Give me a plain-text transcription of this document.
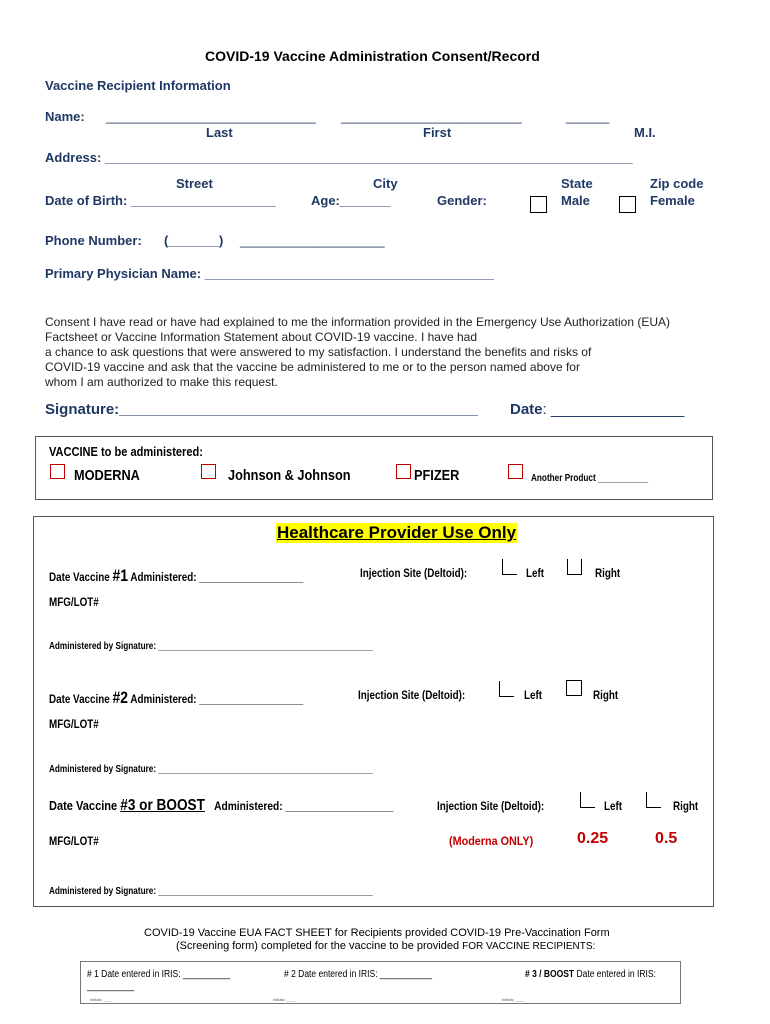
COVID-19 Vaccine Administration Consent/Record
Vaccine Recipient Information
Name: _____________________________ _________________________	______
Last	First	M.I.
Address: _________________________________________________________________________
Street	City	State	Zip code
Date of Birth: ____________________	Age:_______	Gender:	Male	Female
Phone Number: (_______) ____________________
Primary Physician Name: ________________________________________
Consent I have read or have had explained to me the information provided in the Emergency Use Authorization (EUA)
Factsheet or Vaccine Information Statement about COVID-19 vaccine. I have had
a chance to ask questions that were answered to my satisfaction. I understand the benefits and risks of
COVID-19 vaccine and ask that the vaccine be administered to me or to the person named above for
whom I am authorized to make this request.
Signature:___________________________________________ Date: ________________
VACCINE to be administered:
MODERNA	Johnson & Johnson	PFIZER	Another Product ___________
Healthcare Provider Use Only
Date Vaccine #1 Administered: ___________________	Injection Site (Deltoid):	Left	Right
MFG/LOT#
Administered by Signature: _______________________________________________
Date Vaccine #2 Administered: ___________________	Injection Site (Deltoid):	Left	Right
MFG/LOT#
Administered by Signature: _______________________________________________
Date Vaccine #3 or BOOST Administered: ___________________	Injection Site (Deltoid):	Left	Right
MFG/LOT#	(Moderna ONLY)	0.25	0.5
Administered by Signature: _______________________________________________
COVID-19 Vaccine EUA FACT SHEET for Recipients provided COVID-19 Pre-Vaccination Form
(Screening form) completed for the vaccine to be provided FOR VACCINE RECIPIENTS:
# 1 Date entered in IRIS: __________
__________
# 2 Date entered in IRIS: ___________	# 3 / BOOST Date entered in IRIS:
Initials: ____	Initials: ____	Initials: ____
